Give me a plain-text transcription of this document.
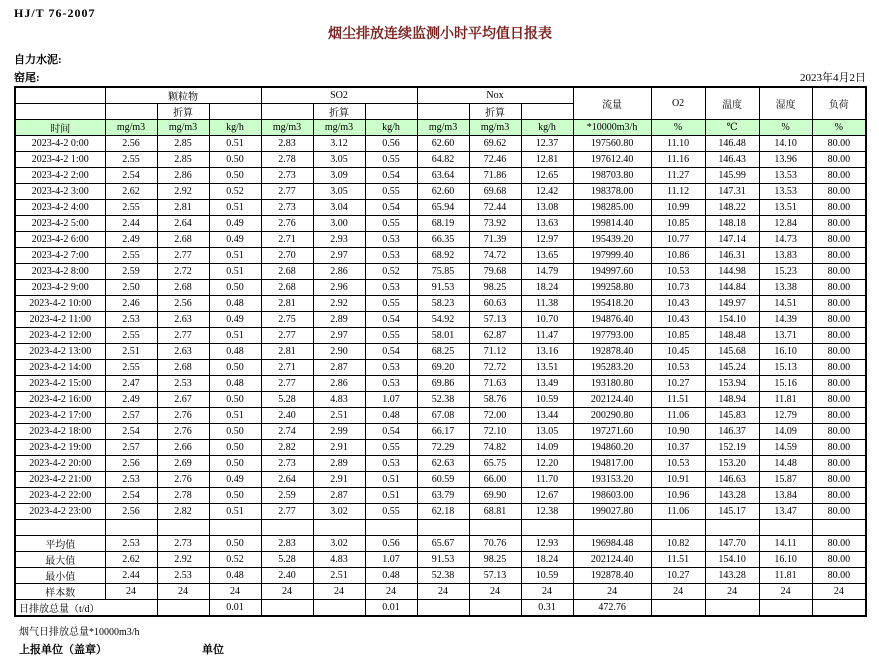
HJ/T 76-2007
烟尘排放连续监测小时平均值日报表
自力水泥:
窑尾:	2023年4月2日
	颗粒物			SO2			Nox			流量	O2	温度	湿度	负荷
		折算			折算			折算						
时间	mg/m3	mg/m3	kg/h	mg/m3	mg/m3	kg/h	mg/m3	mg/m3	kg/h	*10000m3/h	%	℃	%	%
2023-4-2 0:00	2.56	2.85	0.51	2.83	3.12	0.56	62.60	69.62	12.37	197560.80	11.10	146.48	14.10	80.00
2023-4-2 1:00	2.55	2.85	0.50	2.78	3.05	0.55	64.82	72.46	12.81	197612.40	11.16	146.43	13.96	80.00
2023-4-2 2:00	2.54	2.86	0.50	2.73	3.09	0.54	63.64	71.86	12.65	198703.80	11.27	145.99	13.53	80.00
2023-4-2 3:00	2.62	2.92	0.52	2.77	3.05	0.55	62.60	69.68	12.42	198378.00	11.12	147.31	13.53	80.00
2023-4-2 4:00	2.55	2.81	0.51	2.73	3.04	0.54	65.94	72.44	13.08	198285.00	10.99	148.22	13.51	80.00
2023-4-2 5:00	2.44	2.64	0.49	2.76	3.00	0.55	68.19	73.92	13.63	199814.40	10.85	148.18	12.84	80.00
2023-4-2 6:00	2.49	2.68	0.49	2.71	2.93	0.53	66.35	71.39	12.97	195439.20	10.77	147.14	14.73	80.00
2023-4-2 7:00	2.55	2.77	0.51	2.70	2.97	0.53	68.92	74.72	13.65	197999.40	10.86	146.31	13.83	80.00
2023-4-2 8:00	2.59	2.72	0.51	2.68	2.86	0.52	75.85	79.68	14.79	194997.60	10.53	144.98	15.23	80.00
2023-4-2 9:00	2.50	2.68	0.50	2.68	2.96	0.53	91.53	98.25	18.24	199258.80	10.73	144.84	13.38	80.00
2023-4-2 10:00	2.46	2.56	0.48	2.81	2.92	0.55	58.23	60.63	11.38	195418.20	10.43	149.97	14.51	80.00
2023-4-2 11:00	2.53	2.63	0.49	2.75	2.89	0.54	54.92	57.13	10.70	194876.40	10.43	154.10	14.39	80.00
2023-4-2 12:00	2.55	2.77	0.51	2.77	2.97	0.55	58.01	62.87	11.47	197793.00	10.85	148.48	13.71	80.00
2023-4-2 13:00	2.51	2.63	0.48	2.81	2.90	0.54	68.25	71.12	13.16	192878.40	10.45	145.68	16.10	80.00
2023-4-2 14:00	2.55	2.68	0.50	2.71	2.87	0.53	69.20	72.72	13.51	195283.20	10.53	145.24	15.13	80.00
2023-4-2 15:00	2.47	2.53	0.48	2.77	2.86	0.53	69.86	71.63	13.49	193180.80	10.27	153.94	15.16	80.00
2023-4-2 16:00	2.49	2.67	0.50	5.28	4.83	1.07	52.38	58.76	10.59	202124.40	11.51	148.94	11.81	80.00
2023-4-2 17:00	2.57	2.76	0.51	2.40	2.51	0.48	67.08	72.00	13.44	200290.80	11.06	145.83	12.79	80.00
2023-4-2 18:00	2.54	2.76	0.50	2.74	2.99	0.54	66.17	72.10	13.05	197271.60	10.90	146.37	14.09	80.00
2023-4-2 19:00	2.57	2.66	0.50	2.82	2.91	0.55	72.29	74.82	14.09	194860.20	10.37	152.19	14.59	80.00
2023-4-2 20:00	2.56	2.69	0.50	2.73	2.89	0.53	62.63	65.75	12.20	194817.00	10.53	153.20	14.48	80.00
2023-4-2 21:00	2.53	2.76	0.49	2.64	2.91	0.51	60.59	66.00	11.70	193153.20	10.91	146.63	15.87	80.00
2023-4-2 22:00	2.54	2.78	0.50	2.59	2.87	0.51	63.79	69.90	12.67	198603.00	10.96	143.28	13.84	80.00
2023-4-2 23:00	2.56	2.82	0.51	2.77	3.02	0.55	62.18	68.81	12.38	199027.80	11.06	145.17	13.47	80.00

平均值	2.53	2.73	0.50	2.83	3.02	0.56	65.67	70.76	12.93	196984.48	10.82	147.70	14.11	80.00
最大值	2.62	2.92	0.52	5.28	4.83	1.07	91.53	98.25	18.24	202124.40	11.51	154.10	16.10	80.00
最小值	2.44	2.53	0.48	2.40	2.51	0.48	52.38	57.13	10.59	192878.40	10.27	143.28	11.81	80.00
样本数	24	24	24	24	24	24	24	24	24	24	24	24	24	24
日排放总量（t/d）			0.01			0.01			0.31	472.76				
烟气日排放总量*10000m3/h
上报单位（盖章）	单位
